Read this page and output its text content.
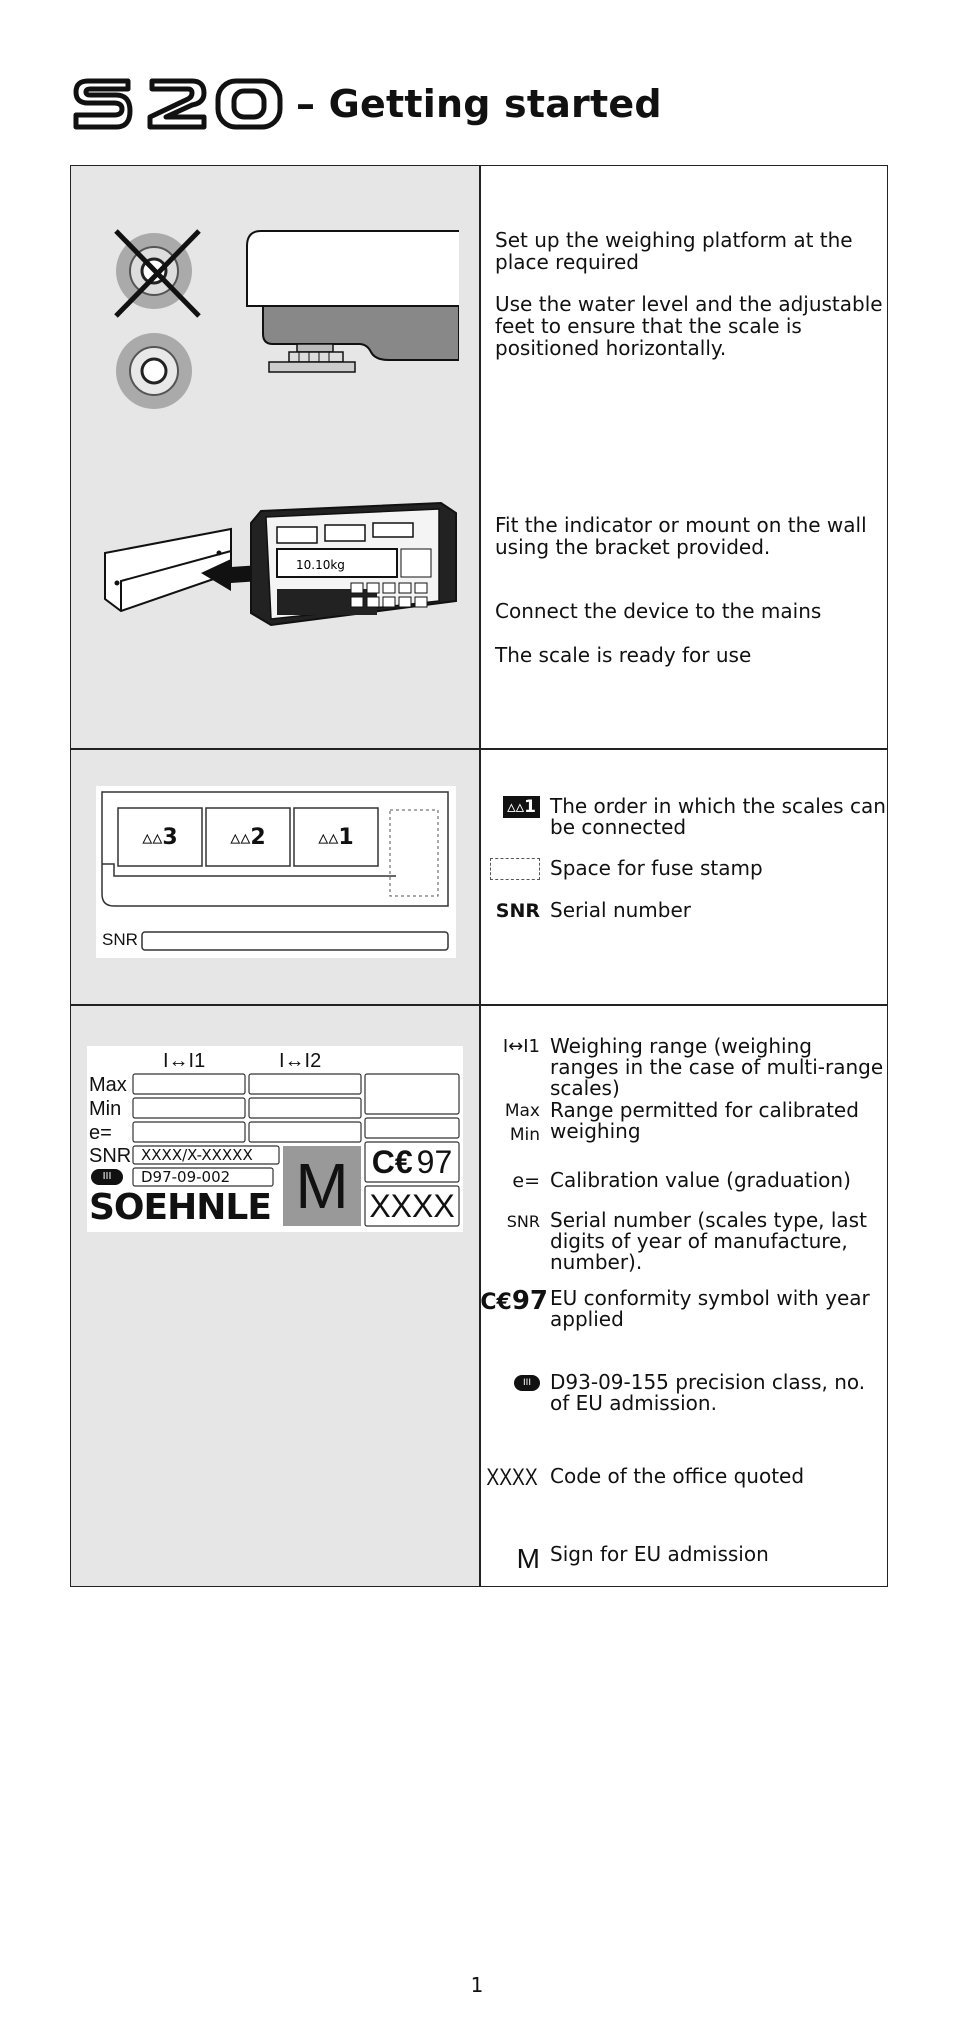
– Getting started
10.10kg
Set up the weighing platform at the place required
Use the water level and the adjustable feet to ensure that the scale is positioned horizontally.
Fit the indicator or mount on the wall using the bracket provided.
Connect the device to the mains
The scale is ready for use
▵▵ 3	▵▵ 2	▵▵ 1
SNR
▵▵1 The order in which the scales can be connected
Space for fuse stamp
SNR Serial number
I↔I1	I↔I2
Max
Min
e=
SNR XXXX/X-XXXXX
III	D97-09-002
SOEHNLE M C€ 97
XXXX
I↔I1 Weighing range (weighing ranges in the case of multi-range scales)
Max
Min
Range permitted for calibrated weighing
e= Calibration value (graduation)
SNR Serial number (scales type, last digits of year of manufacture, number).
C€97 EU conformity symbol with year applied
III D93-09-155 precision class, no. of EU admission.
XXXX Code of the office quoted
M Sign for EU admission
1
